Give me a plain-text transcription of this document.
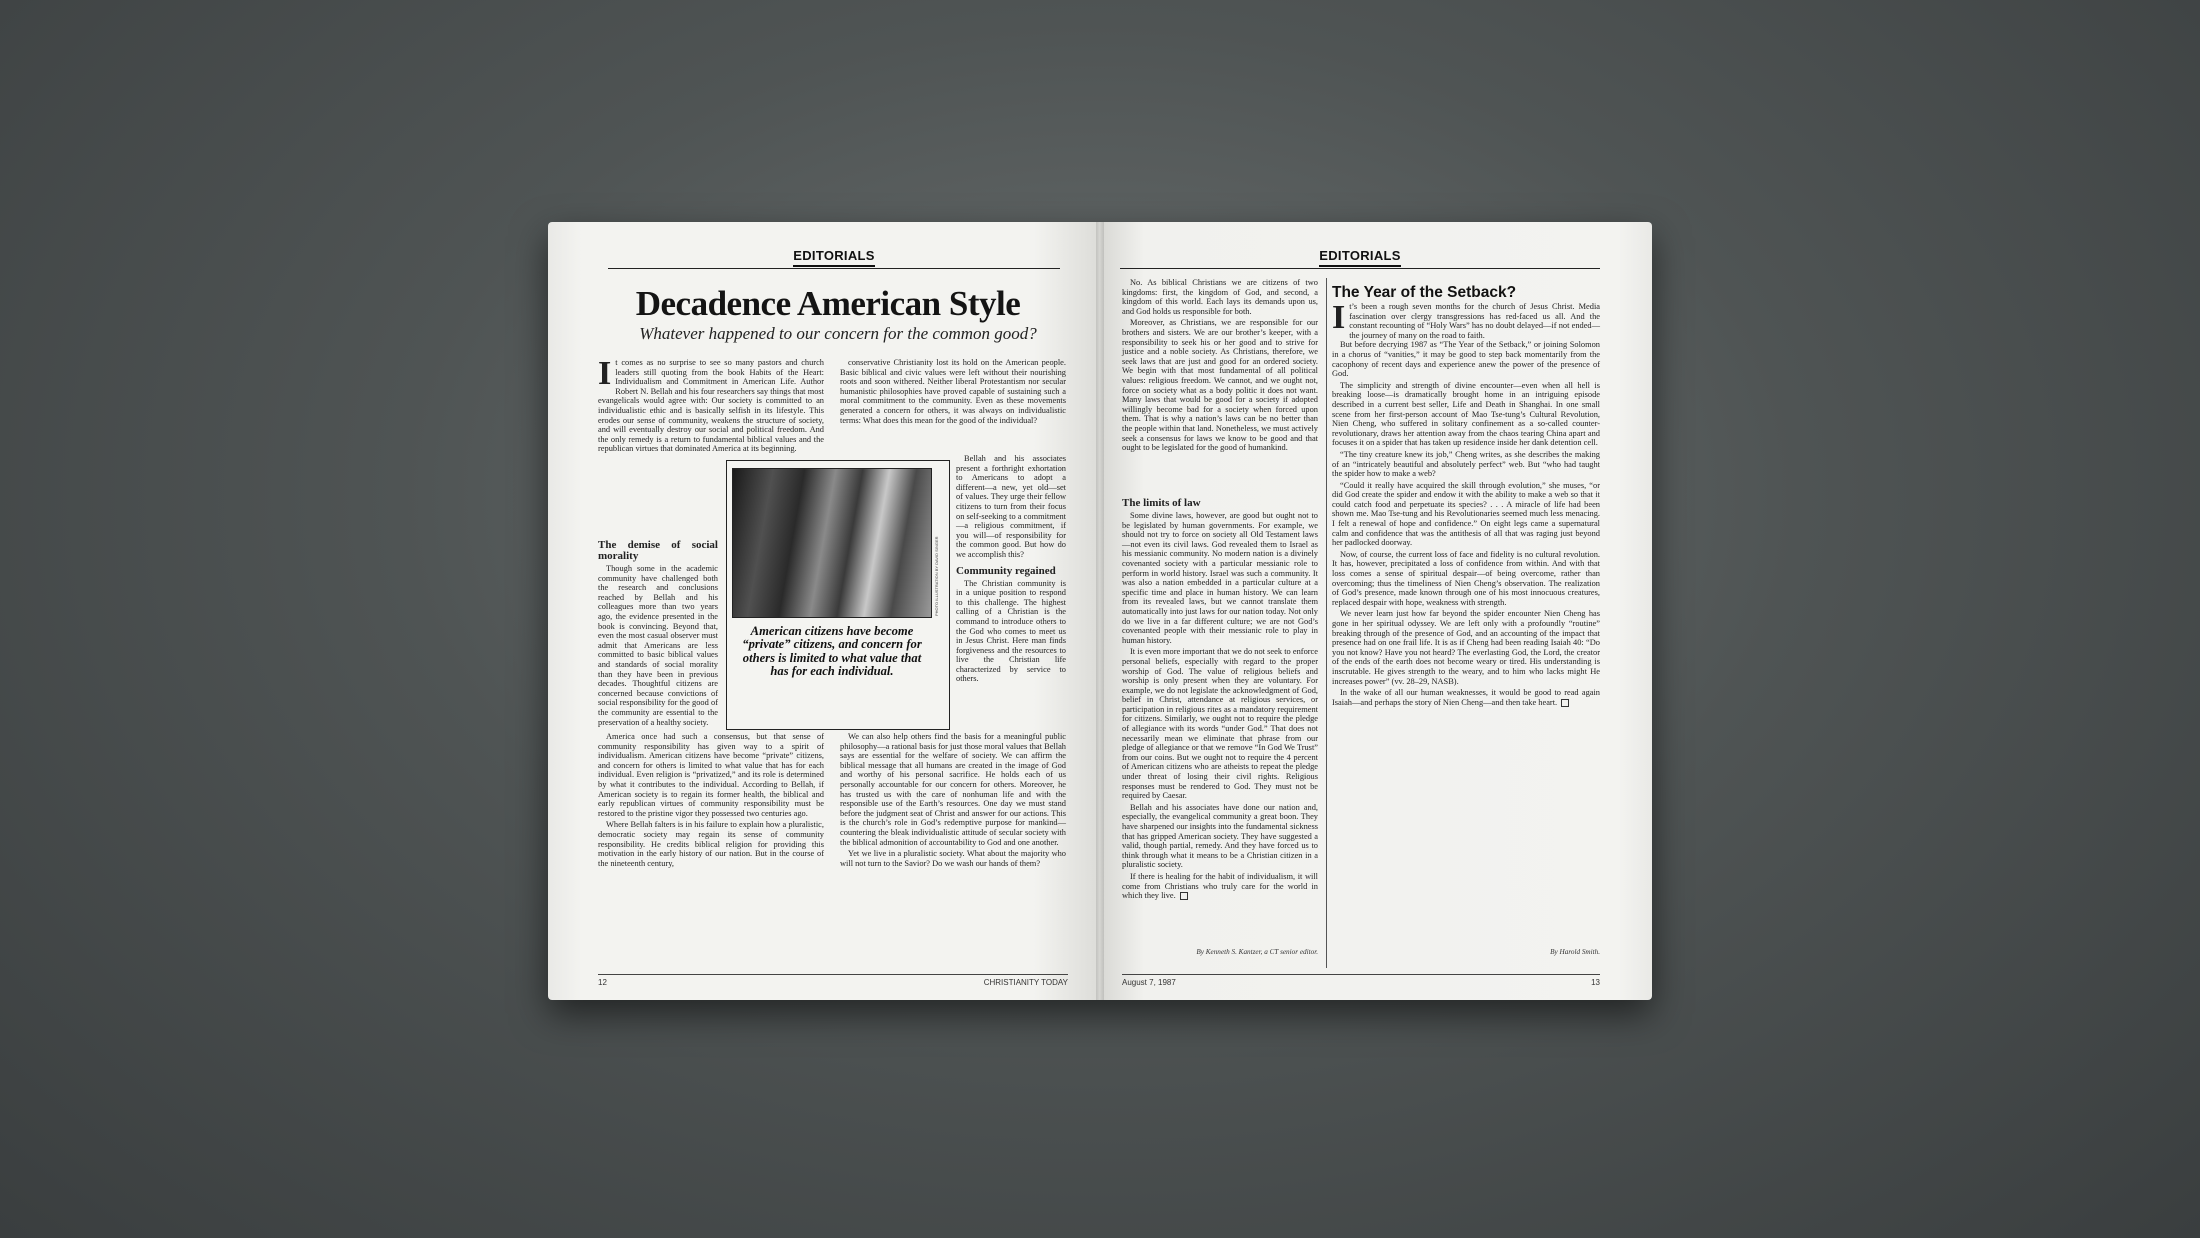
EDITORIALS
Decadence American Style
Whatever happened to our concern for the common good?
It comes as no surprise to see so many pastors and church leaders still quoting from the book Habits of the Heart: Individualism and Commitment in American Life. Author Robert N. Bellah and his four researchers say things that most evangelicals would agree with: Our society is committed to an individualistic ethic and is basically selfish in its lifestyle. This erodes our sense of community, weakens the structure of society, and will eventually destroy our social and political freedom. And the only remedy is a return to fundamental biblical values and the republican virtues that dominated America at its beginning.
The demise of social morality

Though some in the academic community have challenged both the research and conclusions reached by Bellah and his colleagues more than two years ago, the evidence presented in the book is convincing. Beyond that, even the most casual observer must admit that Americans are less committed to basic biblical values and standards of social morality than they have been in previous decades. Thoughtful citizens are concerned because convictions of social responsibility for the good of the community are essential to the preservation of a healthy society.

America once had such a consensus, but that sense of community responsibility has given way to a spirit of individualism. American citizens have become “private” citizens, and concern for others is limited to what value that has for each individual. Even religion is “privatized,” and its role is determined by what it contributes to the individual. According to Bellah, if American society is to regain its former health, the biblical and early republican virtues of community responsibility must be restored to the pristine vigor they possessed two centuries ago.

Where Bellah falters is in his failure to explain how a pluralistic, democratic society may regain its sense of community responsibility. He credits biblical religion for providing this motivation in the early history of our nation. But in the course of the nineteenth century,

conservative Christianity lost its hold on the American people. Basic biblical and civic values were left without their nourishing roots and soon withered. Neither liberal Protestantism nor secular humanistic philosophies have proved capable of sustaining such a moral commitment to the community. Even as these movements generated a concern for others, it was always on individualistic terms: What does this mean for the good of the individual?

Bellah and his associates present a forthright exhortation to Americans to adopt a different—a new, yet old—set of values. They urge their fellow citizens to turn from their focus on self-seeking to a commitment—a religious commitment, if you will—of responsibility for the common good. But how do we accomplish this?

Community regained

The Christian community is in a unique position to respond to this challenge. The highest calling of a Christian is the command to introduce others to the God who comes to meet us in Jesus Christ. Here man finds forgiveness and the resources to live the Christian life characterized by service to others.

We can also help others find the basis for a meaningful public philosophy—a rational basis for just those moral values that Bellah says are essential for the welfare of society. We can affirm the biblical message that all humans are created in the image of God and worthy of his personal sacrifice. He holds each of us personally accountable for our concern for others. Moreover, he has trusted us with the care of nonhuman life and with the responsible use of the Earth’s resources. One day we must stand before the judgment seat of Christ and answer for our actions. This is the church’s role in God’s redemptive purpose for mankind—countering the bleak individualistic attitude of secular society with the biblical admonition of accountability to God and one another.

Yet we live in a pluralistic society. What about the majority who will not turn to the Savior? Do we wash our hands of them?

PHOTO ILLUSTRATION BY DAVID SINGER
American citizens have become “private” citizens, and concern for others is limited to what value that has for each individual.
12	CHRISTIANITY TODAY
EDITORIALS

No. As biblical Christians we are citizens of two kingdoms: first, the kingdom of God, and second, a kingdom of this world. Each lays its demands upon us, and God holds us responsible for both.

Moreover, as Christians, we are responsible for our brothers and sisters. We are our brother’s keeper, with a responsibility to seek his or her good and to strive for justice and a noble society. As Christians, therefore, we seek laws that are just and good for an ordered society. We begin with that most fundamental of all political values: religious freedom. We cannot, and we ought not, force on society what as a body politic it does not want. Many laws that would be good for a society if adopted willingly become bad for a society when forced upon them. That is why a nation’s laws can be no better than the people within that land. Nonetheless, we must actively seek a consensus for laws we know to be good and that ought to be legislated for the good of humankind.

The limits of law

Some divine laws, however, are good but ought not to be legislated by human governments. For example, we should not try to force on society all Old Testament laws—not even its civil laws. God revealed them to Israel as his messianic community. No modern nation is a divinely covenanted society with a particular messianic role to perform in world history. Israel was such a community. It was also a nation embedded in a particular culture at a specific time and place in human history. We can learn from its revealed laws, but we cannot translate them automatically into just laws for our nation today. Not only do we live in a far different culture; we are not God’s covenanted people with their messianic role to play in human history.

It is even more important that we do not seek to enforce personal beliefs, especially with regard to the proper worship of God. The value of religious beliefs and worship is only present when they are voluntary. For example, we do not legislate the acknowledgment of God, belief in Christ, attendance at religious services, or participation in religious rites as a mandatory requirement for citizens. Similarly, we ought not to require the pledge of allegiance with its words “under God.” That does not necessarily mean we eliminate that phrase from our pledge of allegiance or that we remove “In God We Trust” from our coins. But we ought not to require the 4 percent of American citizens who are atheists to repeat the pledge under threat of losing their civil rights. Religious responses must be rendered to God. They must not be required by Caesar.

Bellah and his associates have done our nation and, especially, the evangelical community a great boon. They have sharpened our insights into the fundamental sickness that has gripped American society. They have suggested a valid, though partial, remedy. And they have forced us to think through what it means to be a Christian citizen in a pluralistic society.

If there is healing for the habit of individualism, it will come from Christians who truly care for the world in which they live.

By Kenneth S. Kantzer, a CT senior editor.
The Year of the Setback?
It’s been a rough seven months for the church of Jesus Christ. Media fascination over clergy transgressions has red-faced us all. And the constant recounting of “Holy Wars” has no doubt delayed—if not ended—the journey of many on the road to faith.

But before decrying 1987 as “The Year of the Setback,” or joining Solomon in a chorus of “vanities,” it may be good to step back momentarily from the cacophony of recent days and experience anew the power of the presence of God.

The simplicity and strength of divine encounter—even when all hell is breaking loose—is dramatically brought home in an intriguing episode described in a current best seller, Life and Death in Shanghai. In one small scene from her first-person account of Mao Tse-tung’s Cultural Revolution, Nien Cheng, who suffered in solitary confinement as a so-called counter-revolutionary, draws her attention away from the chaos tearing China apart and focuses it on a spider that has taken up residence inside her dank detention cell.

“The tiny creature knew its job,” Cheng writes, as she describes the making of an “intricately beautiful and absolutely perfect” web. But “who had taught the spider how to make a web?

“Could it really have acquired the skill through evolution,” she muses, “or did God create the spider and endow it with the ability to make a web so that it could catch food and perpetuate its species? . . . A miracle of life had been shown me. Mao Tse-tung and his Revolutionaries seemed much less menacing. I felt a renewal of hope and confidence.” On eight legs came a supernatural calm and confidence that was the antithesis of all that was raging just beyond her padlocked doorway.

Now, of course, the current loss of face and fidelity is no cultural revolution. It has, however, precipitated a loss of confidence from within. And with that loss comes a sense of spiritual despair—of being overcome, rather than overcoming; thus the timeliness of Nien Cheng’s observation. The realization of God’s presence, made known through one of his most innocuous creatures, replaced despair with hope, weakness with strength.

We never learn just how far beyond the spider encounter Nien Cheng has gone in her spiritual odyssey. We are left only with a profoundly “routine” breaking through of the presence of God, and an accounting of the impact that presence had on one frail life. It is as if Cheng had been reading Isaiah 40: “Do you not know? Have you not heard? The everlasting God, the Lord, the creator of the ends of the earth does not become weary or tired. His understanding is inscrutable. He gives strength to the weary, and to him who lacks might He increases power” (vv. 28–29, NASB).

In the wake of all our human weaknesses, it would be good to read again Isaiah—and perhaps the story of Nien Cheng—and then take heart.

By Harold Smith.
August 7, 1987	13
